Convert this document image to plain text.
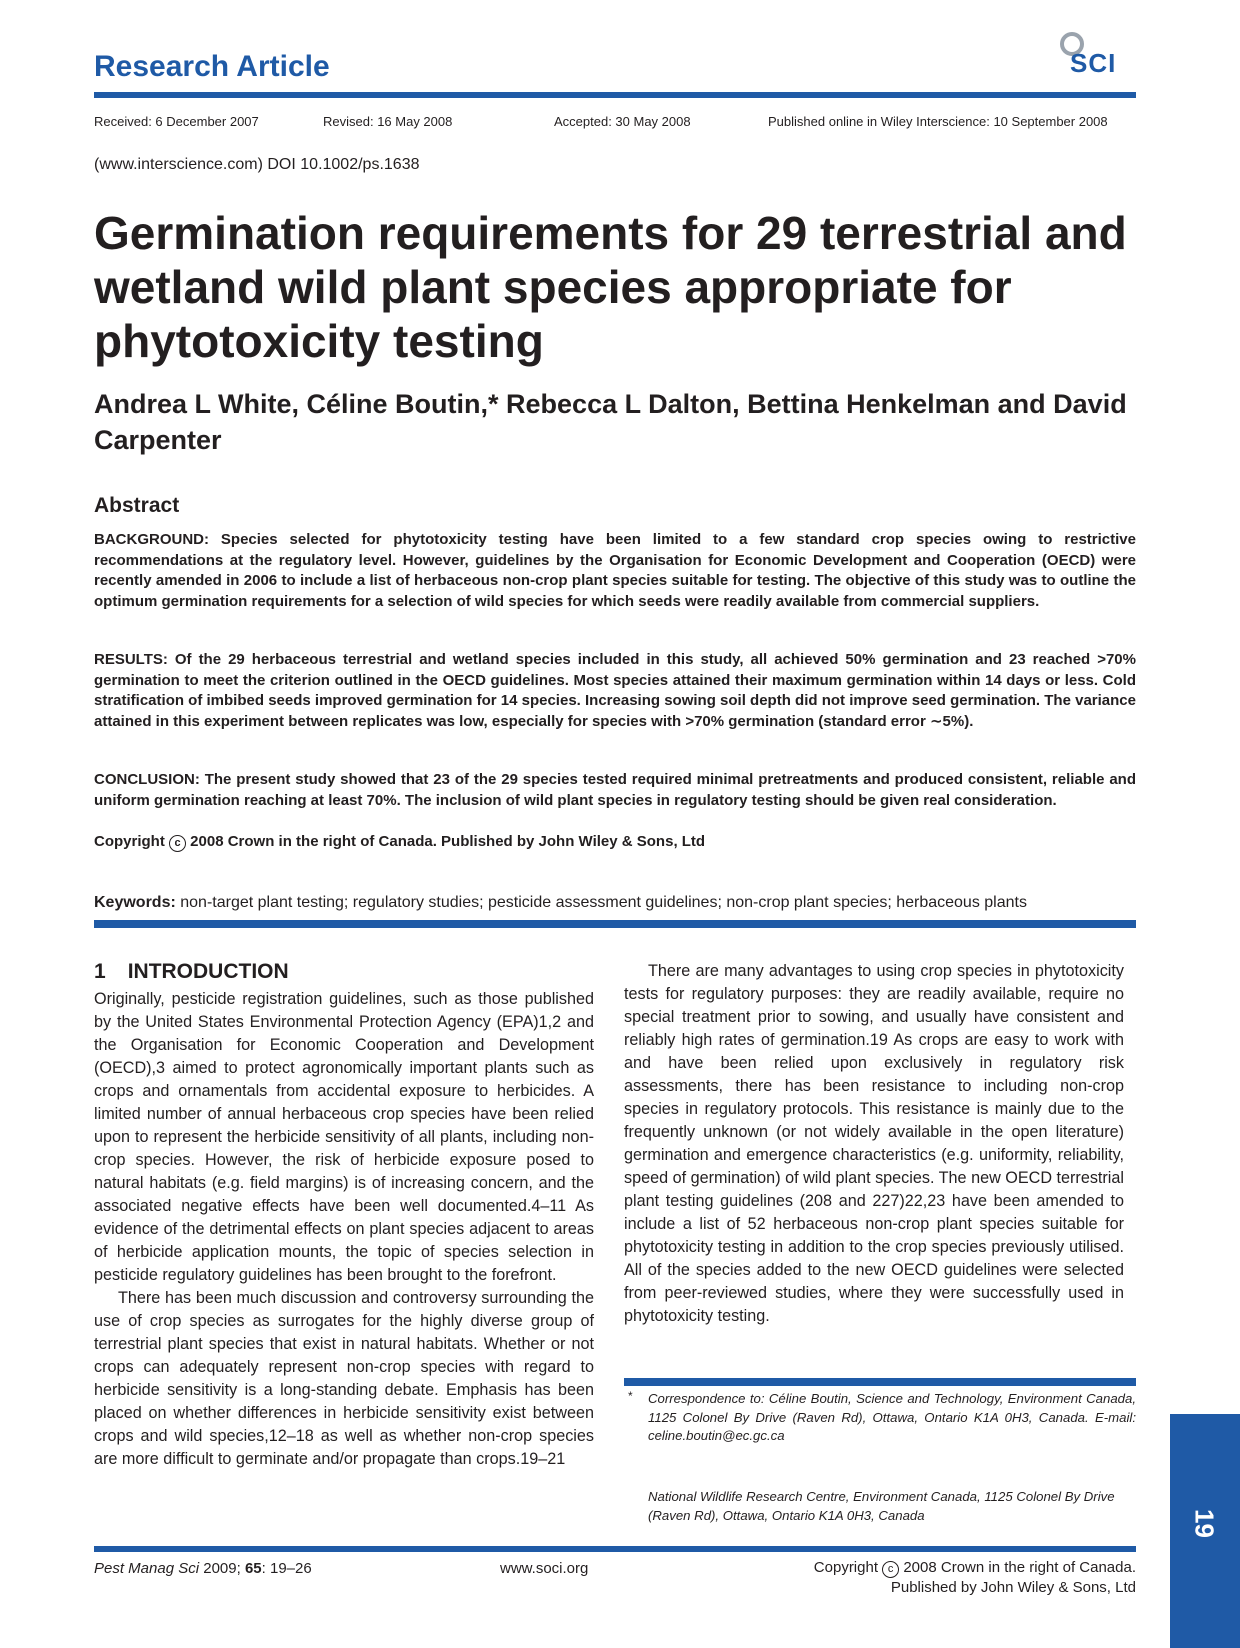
Research Article	SCI
Received: 6 December 2007	Revised: 16 May 2008	Accepted: 30 May 2008	Published online in Wiley Interscience: 10 September 2008
(www.interscience.com) DOI 10.1002/ps.1638
Germination requirements for 29 terrestrial and wetland wild plant species appropriate for phytotoxicity testing
Andrea L White, Céline Boutin,* Rebecca L Dalton, Bettina Henkelman and David Carpenter
Abstract
BACKGROUND: Species selected for phytotoxicity testing have been limited to a few standard crop species owing to restrictive recommendations at the regulatory level. However, guidelines by the Organisation for Economic Development and Cooperation (OECD) were recently amended in 2006 to include a list of herbaceous non-crop plant species suitable for testing. The objective of this study was to outline the optimum germination requirements for a selection of wild species for which seeds were readily available from commercial suppliers.
RESULTS: Of the 29 herbaceous terrestrial and wetland species included in this study, all achieved 50% germination and 23 reached >70% germination to meet the criterion outlined in the OECD guidelines. Most species attained their maximum germination within 14 days or less. Cold stratification of imbibed seeds improved germination for 14 species. Increasing sowing soil depth did not improve seed germination. The variance attained in this experiment between replicates was low, especially for species with >70% germination (standard error ∼5%).
CONCLUSION: The present study showed that 23 of the 29 species tested required minimal pretreatments and produced consistent, reliable and uniform germination reaching at least 70%. The inclusion of wild plant species in regulatory testing should be given real consideration.
Copyright c 2008 Crown in the right of Canada. Published by John Wiley & Sons, Ltd
Keywords: non-target plant testing; regulatory studies; pesticide assessment guidelines; non-crop plant species; herbaceous plants
1 INTRODUCTION

Originally, pesticide registration guidelines, such as those published by the United States Environmental Protection Agency (EPA)1,2 and the Organisation for Economic Cooperation and Development (OECD),3 aimed to protect agronomically important plants such as crops and ornamentals from accidental exposure to herbicides. A limited number of annual herbaceous crop species have been relied upon to represent the herbicide sensitivity of all plants, including non-crop species. However, the risk of herbicide exposure posed to natural habitats (e.g. field margins) is of increasing concern, and the associated negative effects have been well documented.4–11 As evidence of the detrimental effects on plant species adjacent to areas of herbicide application mounts, the topic of species selection in pesticide regulatory guidelines has been brought to the forefront.

There has been much discussion and controversy surrounding the use of crop species as surrogates for the highly diverse group of terrestrial plant species that exist in natural habitats. Whether or not crops can adequately represent non-crop species with regard to herbicide sensitivity is a long-standing debate. Emphasis has been placed on whether differences in herbicide sensitivity exist between crops and wild species,12–18 as well as whether non-crop species are more difficult to germinate and/or propagate than crops.19–21

There are many advantages to using crop species in phytotoxicity tests for regulatory purposes: they are readily available, require no special treatment prior to sowing, and usually have consistent and reliably high rates of germination.19 As crops are easy to work with and have been relied upon exclusively in regulatory risk assessments, there has been resistance to including non-crop species in regulatory protocols. This resistance is mainly due to the frequently unknown (or not widely available in the open literature) germination and emergence characteristics (e.g. uniformity, reliability, speed of germination) of wild plant species. The new OECD terrestrial plant testing guidelines (208 and 227)22,23 have been amended to include a list of 52 herbaceous non-crop plant species suitable for phytotoxicity testing in addition to the crop species previously utilised. All of the species added to the new OECD guidelines were selected from peer-reviewed studies, where they were successfully used in phytotoxicity testing.

* Correspondence to: Céline Boutin, Science and Technology, Environment Canada, 1125 Colonel By Drive (Raven Rd), Ottawa, Ontario K1A 0H3, Canada. E-mail: celine.boutin@ec.gc.ca
National Wildlife Research Centre, Environment Canada, 1125 Colonel By Drive (Raven Rd), Ottawa, Ontario K1A 0H3, Canada	19
Pest Manag Sci 2009; 65: 19–26	www.soci.org	Copyright c 2008 Crown in the right of Canada.
Published by John Wiley & Sons, Ltd
